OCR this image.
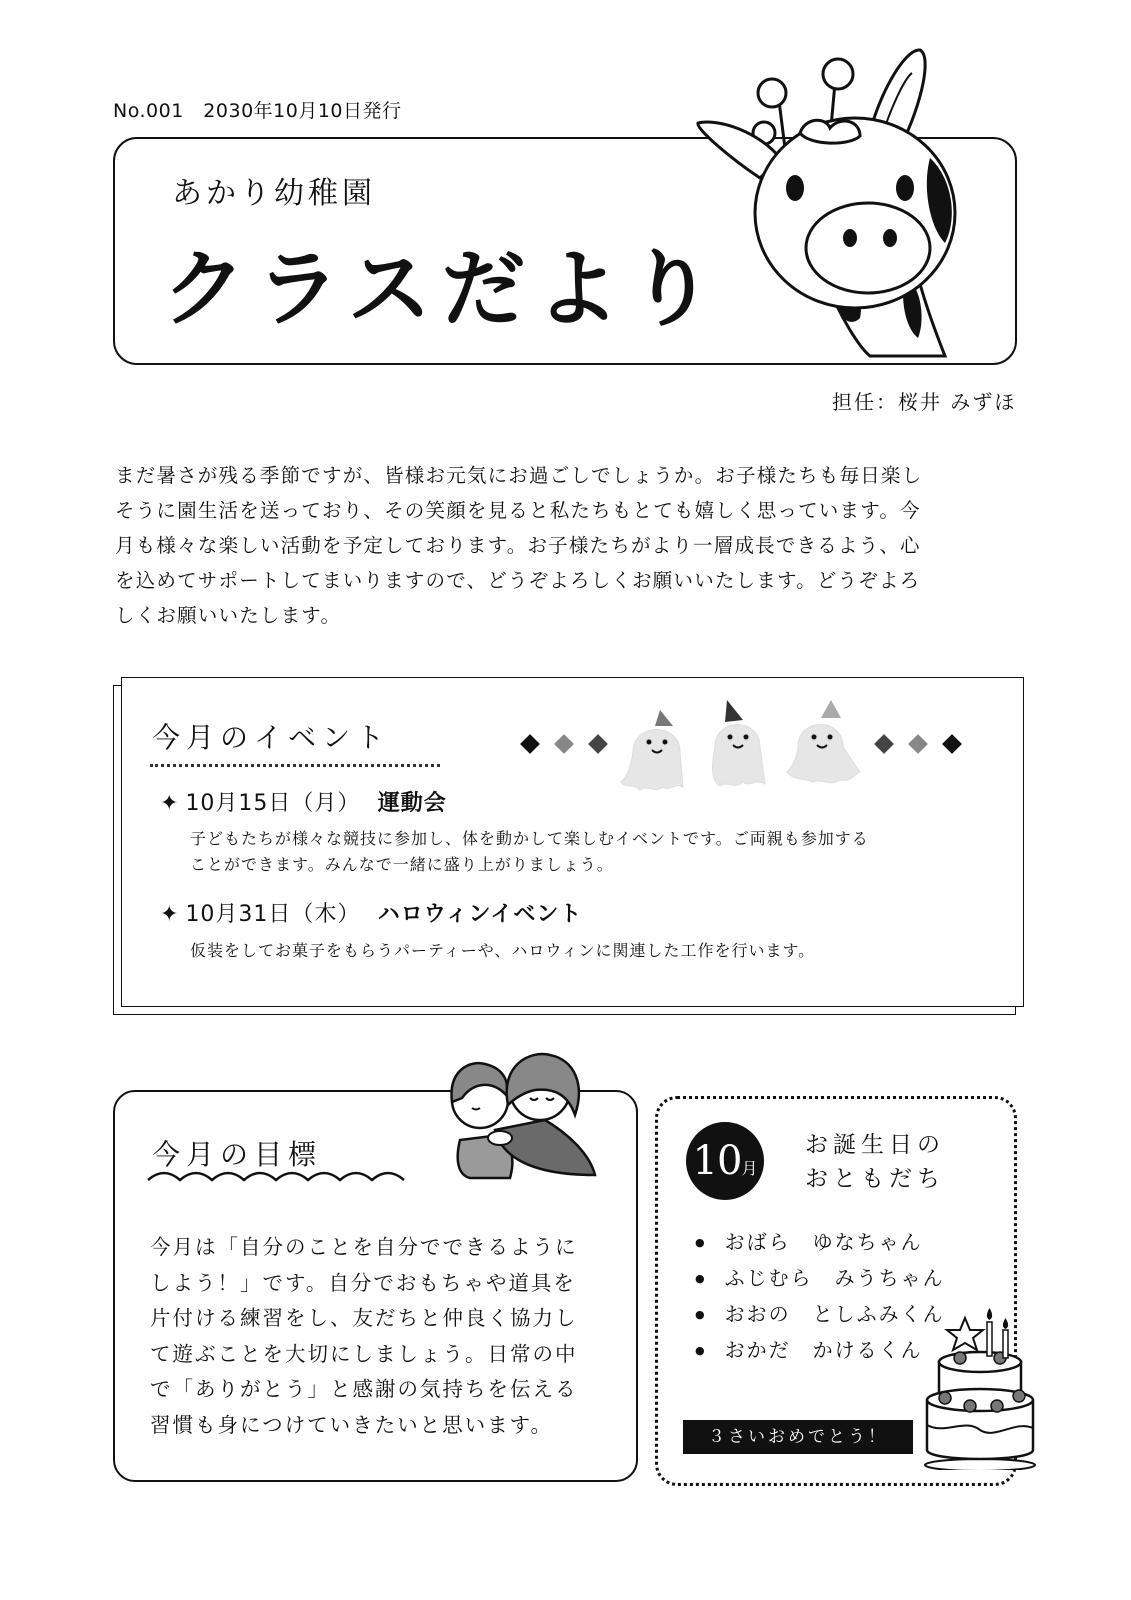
No.001　2030年10月10日発行
あかり幼稚園
クラスだより
担任：桜井 みずほ

まだ暑さが残る季節ですが、皆様お元気にお過ごしでしょうか。お子様たちも毎日楽し

そうに園生活を送っており、その笑顔を見ると私たちもとても嬉しく思っています。今

月も様々な楽しい活動を予定しております。お子様たちがより一層成長できるよう、心

を込めてサポートしてまいりますので、どうぞよろしくお願いいたします。どうぞよろ

しくお願いいたします。

今月のイベント
✦ 10月15日（月） 運動会
子どもたちが様々な競技に参加し、体を動かして楽しむイベントです。ご両親も参加する
ことができます。みんなで一緒に盛り上がりましょう。
✦ 10月31日（木） ハロウィンイベント
仮装をしてお菓子をもらうパーティーや、ハロウィンに関連した工作を行います。
今月の目標

今月は「自分のことを自分でできるように

しよう！」です。自分でおもちゃや道具を

片付ける練習をし、友だちと仲良く協力し

て遊ぶことを大切にしましょう。日常の中

で「ありがとう」と感謝の気持ちを伝える

習慣も身につけていきたいと思います。

10月
お誕生日の
おともだち
● おばら　ゆなちゃん
● ふじむら　みうちゃん
● おおの　としふみくん
● おかだ　かけるくん
３さいおめでとう！
